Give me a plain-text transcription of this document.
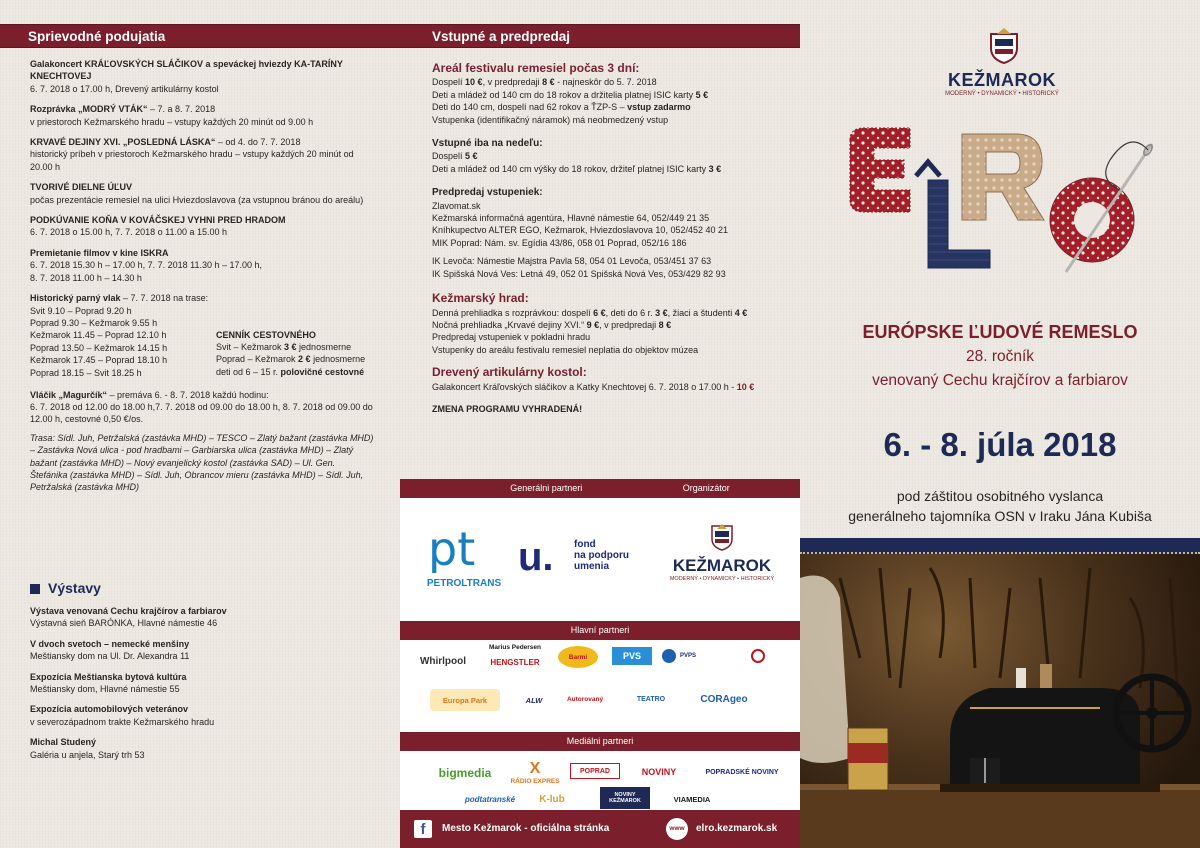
Sprievodné podujatia
Galakoncert KRÁĽOVSKÝCH SLÁČIKOV a speváckej hviezdy KA-TARÍNY KNECHTOVEJ
6. 7. 2018 o 17.00 h, Drevený artikulárny kostol
Rozprávka „MODRÝ VTÁK“ – 7. a 8. 7. 2018
v priestoroch Kežmarského hradu – vstupy každých 20 minút od 9.00 h
KRVAVÉ DEJINY XVI. „POSLEDNÁ LÁSKA“ – od 4. do 7. 7. 2018
historický príbeh v priestoroch Kežmarského hradu – vstupy každých 20 minút od 20.00 h
TVORIVÉ DIELNE ÚĽUV
počas prezentácie remesiel na ulici Hviezdoslavova (za vstupnou bránou do areálu)
PODKÚVANIE KOŇA V KOVÁČSKEJ VYHNI PRED HRADOM
6. 7. 2018 o 15.00 h, 7. 7. 2018 o 11.00 a 15.00 h
Premietanie filmov v kine ISKRA
6. 7. 2018 15.30 h – 17.00 h, 7. 7. 2018 11.30 h – 17.00 h,
8. 7. 2018 11.00 h – 14.30 h
Historický parný vlak – 7. 7. 2018 na trase:
Svit 9.10 – Poprad 9.20 h
Poprad 9.30 – Kežmarok 9.55 h
Kežmarok 11.45 – Poprad 12.10 h
Poprad 13.50 – Kežmarok 14.15 h
Kežmarok 17.45 – Poprad 18.10 h
Poprad 18.15 – Svit 18.25 h
CENNÍK CESTOVNÉHO
Svit – Kežmarok 3 € jednosmerne
Poprad – Kežmarok 2 € jednosmerne
deti od 6 – 15 r. polovičné cestovné
Vláčik „Magurčík“ – premáva 6. - 8. 7. 2018 každú hodinu:
6. 7. 2018 od 12.00 do 18.00 h,7. 7. 2018 od 09.00 do 18.00 h, 8. 7. 2018 od 09.00 do 12.00 h, cestovné 0,50 €/os.
Trasa: Sídl. Juh, Petržalská (zastávka MHD) – TESCO – Zlatý bažant (zastávka MHD) – Zastávka Nová ulica - pod hradbami – Garbiarska ulica (zastávka MHD) – Zlatý bažant (zastávka MHD) – Nový evanjelický kostol (zastávka SAD) – Ul. Gen. Štefánika (zastávka MHD) – Sídl. Juh, Obrancov mieru (zastávka MHD) – Sídl. Juh, Petržalská (zastávka MHD)
Výstavy
Výstava venovaná Cechu krajčírov a farbiarov
Výstavná sieň BARÓNKA, Hlavné námestie 46
V dvoch svetoch – nemecké menšiny
Meštiansky dom na Ul. Dr. Alexandra 11
Expozícia Meštianska bytová kultúra
Meštiansky dom, Hlavné námestie 55
Expozícia automobilových veteránov
v severozápadnom trakte Kežmarského hradu
Michal Studený
Galéria u anjela, Starý trh 53
Vstupné a predpredaj
Areál festivalu remesiel počas 3 dní:
Dospelí 10 €, v predpredaji 8 € - najneskôr do 5. 7. 2018
Deti a mládež od 140 cm do 18 rokov a držitelia platnej ISIC karty 5 €
Deti do 140 cm, dospelí nad 62 rokov a ŤZP-S – vstup zadarmo
Vstupenka (identifikačný náramok) má neobmedzený vstup
Vstupné iba na nedeľu:
Dospelí 5 €
Deti a mládež od 140 cm výšky do 18 rokov, držiteľ platnej ISIC karty 3 €
Predpredaj vstupeniek:
Zlavomat.sk
Kežmarská informačná agentúra, Hlavné námestie 64, 052/449 21 35
Kníhkupectvo ALTER EGO, Kežmarok, Hviezdoslavova 10, 052/452 40 21
MIK Poprad: Nám. sv. Egídia 43/86, 058 01 Poprad, 052/16 186
IK Levoča: Námestie Majstra Pavla 58, 054 01 Levoča, 053/451 37 63
IK Spišská Nová Ves: Letná 49, 052 01 Spišská Nová Ves, 053/429 82 93
Kežmarský hrad:
Denná prehliadka s rozprávkou: dospelí 6 €, deti do 6 r. 3 €, žiaci a študenti 4 €
Nočná prehliadka „Krvavé dejiny XVI.“ 9 €, v predpredaji 8 €
Predpredaj vstupeniek v pokladni hradu
Vstupenky do areálu festivalu remesiel neplatia do objektov múzea
Drevený artikulárny kostol:
Galakoncert Kráľovských sláčikov a Katky Knechtovej 6. 7. 2018 o 17.00 h - 10 €
ZMENA PROGRAMU VYHRADENÁ!
Generálni partneri	Organizátor
pt
PETROLTRANS
u. fond
na podporu
umenia	KEŽMAROK
MODERNÝ • DYNAMICKÝ • HISTORICKÝ
Hlavní partneri
Whirlpool
Marius Pedersen
HENGSTLER
Barmi	PVS	PVPS
Europa Park	ALW	Autorovaný	TEATRO	CORAgeo
Mediálni partneri
bigmedia	X
RÁDIO EXPRES
POPRAD	NOVINY	POPRADSKÉ NOVINY
podtatranské	K-lub	NOVINY KEŽMAROK	VIAMEDIA
f	Mesto Kežmarok - oficiálna stránka	www	elro.kezmarok.sk
KEŽMAROK
MODERNÝ • DYNAMICKÝ • HISTORICKÝ
EURÓPSKE ĽUDOVÉ REMESLO
28. ročník
venovaný Cechu krajčírov a farbiarov
6. - 8. júla 2018
pod záštitou osobitného vyslanca
generálneho tajomníka OSN v Iraku Jána Kubiša
